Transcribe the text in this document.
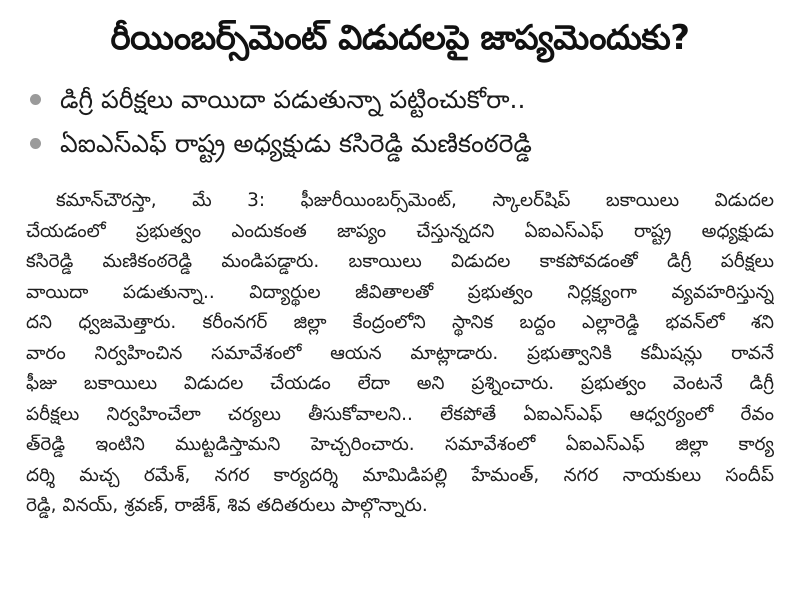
రీయింబర్స్‌మెంట్ విడుదలపై జాప్యమెందుకు?
డిగ్రీ పరీక్షలు వాయిదా పడుతున్నా పట్టించుకోరా..
ఏఐఎస్ఎఫ్ రాష్ట్ర అధ్యక్షుడు కసిరెడ్డి మణికంఠరెడ్డి
కమాన్‌చౌరస్తా, మే 3: ఫీజురీయింబర్స్‌మెంట్, స్కాలర్‌షిప్ బకాయిలు విడుదల
చేయడంలో ప్రభుత్వం ఎందుకంత జాప్యం చేస్తున్నదని ఏఐఎస్ఎఫ్ రాష్ట్ర అధ్యక్షుడు
కసిరెడ్డి మణికంఠరెడ్డి మండిపడ్డారు. బకాయిలు విడుదల కాకపోవడంతో డిగ్రీ పరీక్షలు
వాయిదా పడుతున్నా.. విద్యార్థుల జీవితాలతో ప్రభుత్వం నిర్లక్ష్యంగా వ్యవహరిస్తున్న
దని ధ్వజమెత్తారు. కరీంనగర్ జిల్లా కేంద్రంలోని స్థానిక బద్దం ఎల్లారెడ్డి భవన్‌లో శని
వారం నిర్వహించిన సమావేశంలో ఆయన మాట్లాడారు. ప్రభుత్వానికి కమీషన్లు రావనే
ఫీజు బకాయిలు విడుదల చేయడం లేదా అని ప్రశ్నించారు. ప్రభుత్వం వెంటనే డిగ్రీ
పరీక్షలు నిర్వహించేలా చర్యలు తీసుకోవాలని.. లేకపోతే ఏఐఎస్ఎఫ్ ఆధ్వర్యంలో రేవం
త్‌రెడ్డి ఇంటిని ముట్టడిస్తామని హెచ్చరించారు. సమావేశంలో ఏఐఎస్ఎఫ్ జిల్లా కార్య
దర్శి మచ్చ రమేశ్, నగర కార్యదర్శి మామిడిపల్లి హేమంత్, నగర నాయకులు సందీప్
రెడ్డి, వినయ్, శ్రవణ్, రాజేశ్, శివ తదితరులు పాల్గొన్నారు.
